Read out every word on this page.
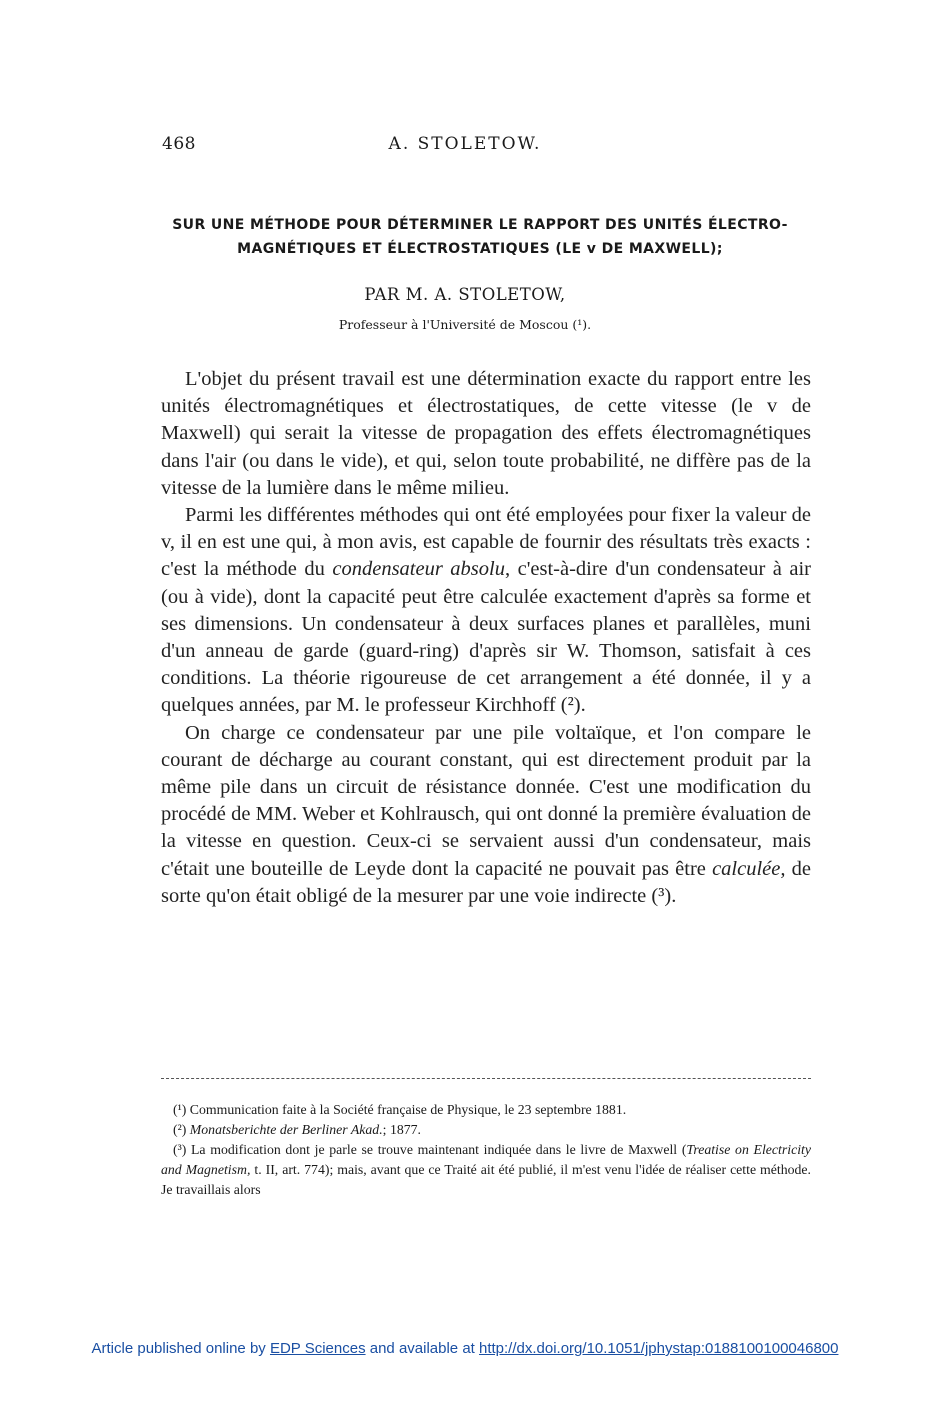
468	A. STOLETOW.
SUR UNE MÉTHODE POUR DÉTERMINER LE RAPPORT DES UNITÉS ÉLECTRO-
MAGNÉTIQUES ET ÉLECTROSTATIQUES (LE v DE MAXWELL);
PAR M. A. STOLETOW,
Professeur à l'Université de Moscou (¹).

L'objet du présent travail est une détermination exacte du rapport entre les unités électromagnétiques et électrostatiques, de cette vitesse (le v de Maxwell) qui serait la vitesse de propagation des effets électromagnétiques dans l'air (ou dans le vide), et qui, selon toute probabilité, ne diffère pas de la vitesse de la lumière dans le même milieu.

Parmi les différentes méthodes qui ont été employées pour fixer la valeur de v, il en est une qui, à mon avis, est capable de fournir des résultats très exacts : c'est la méthode du condensateur absolu, c'est-à-dire d'un condensateur à air (ou à vide), dont la capacité peut être calculée exactement d'après sa forme et ses dimensions. Un condensateur à deux surfaces planes et parallèles, muni d'un anneau de garde (guard-ring) d'après sir W. Thomson, satisfait à ces conditions. La théorie rigoureuse de cet arrangement a été donnée, il y a quelques années, par M. le professeur Kirchhoff (²).

On charge ce condensateur par une pile voltaïque, et l'on compare le courant de décharge au courant constant, qui est directement produit par la même pile dans un circuit de résistance donnée. C'est une modification du procédé de MM. Weber et Kohlrausch, qui ont donné la première évaluation de la vitesse en question. Ceux-ci se servaient aussi d'un condensateur, mais c'était une bouteille de Leyde dont la capacité ne pouvait pas être calculée, de sorte qu'on était obligé de la mesurer par une voie indirecte (³).

(¹) Communication faite à la Société française de Physique, le 23 septembre 1881.

(²) Monatsberichte der Berliner Akad.; 1877.

(³) La modification dont je parle se trouve maintenant indiquée dans le livre de Maxwell (Treatise on Electricity and Magnetism, t. II, art. 774); mais, avant que ce Traité ait été publié, il m'est venu l'idée de réaliser cette méthode. Je travaillais alors

Article published online by EDP Sciences and available at http://dx.doi.org/10.1051/jphystap:0188100100046800
